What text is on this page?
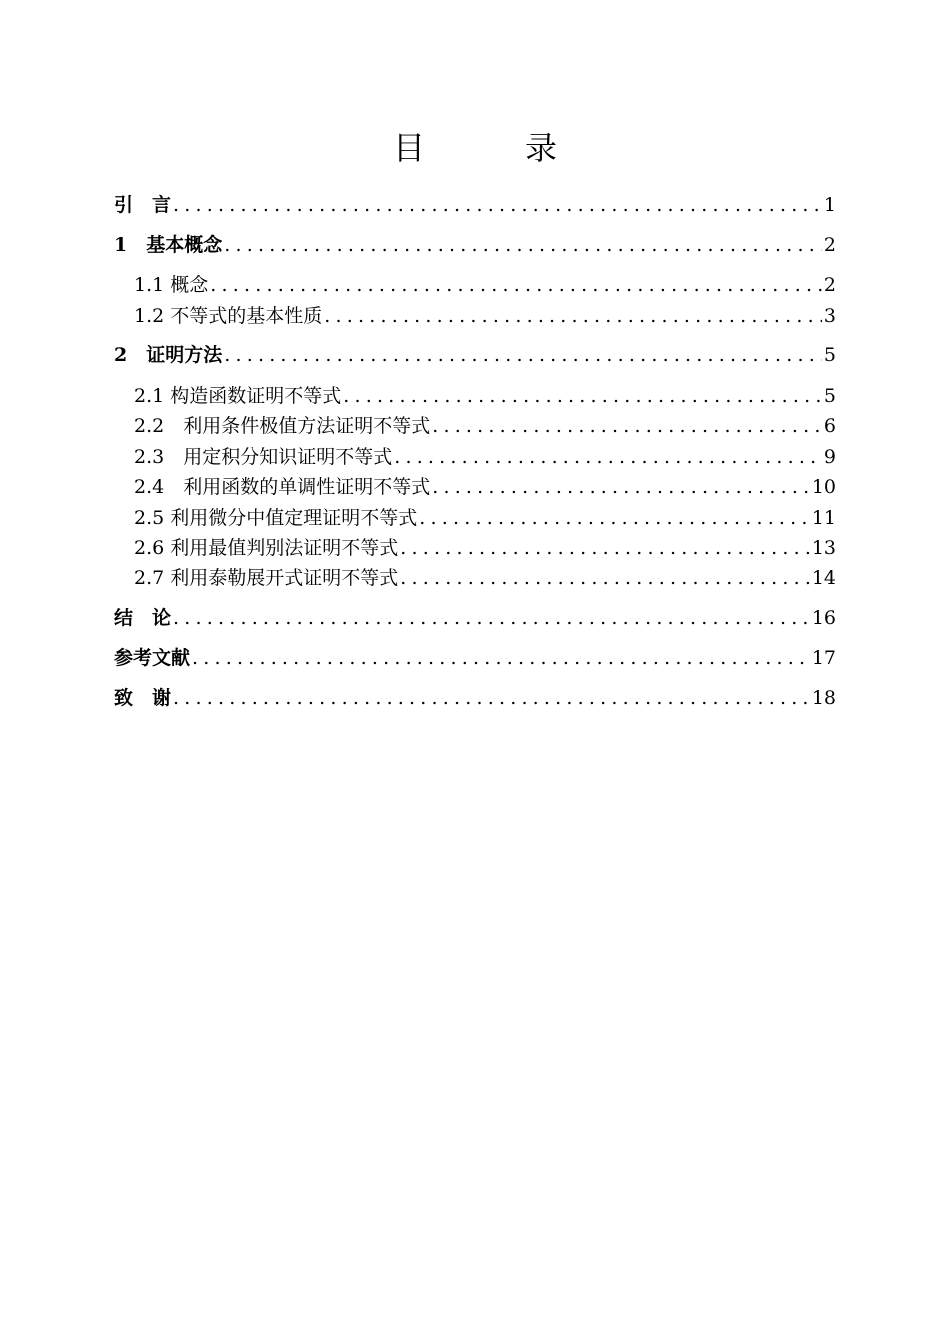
目　录
引　言 .....	1
1　基本概念 .....	2
1.1 概念 .....	2
1.2 不等式的基本性质 .....	3
2　证明方法 .....	5
2.1 构造函数证明不等式 .....	5
2.2　利用条件极值方法证明不等式 .....	6
2.3　用定积分知识证明不等式 .....	9
2.4　利用函数的单调性证明不等式 .....	10
2.5 利用微分中值定理证明不等式 .....	11
2.6 利用最值判别法证明不等式 .....	13
2.7 利用泰勒展开式证明不等式 .....	14
结　论 .....	16
参考文献 .....	17
致　谢 .....	18
